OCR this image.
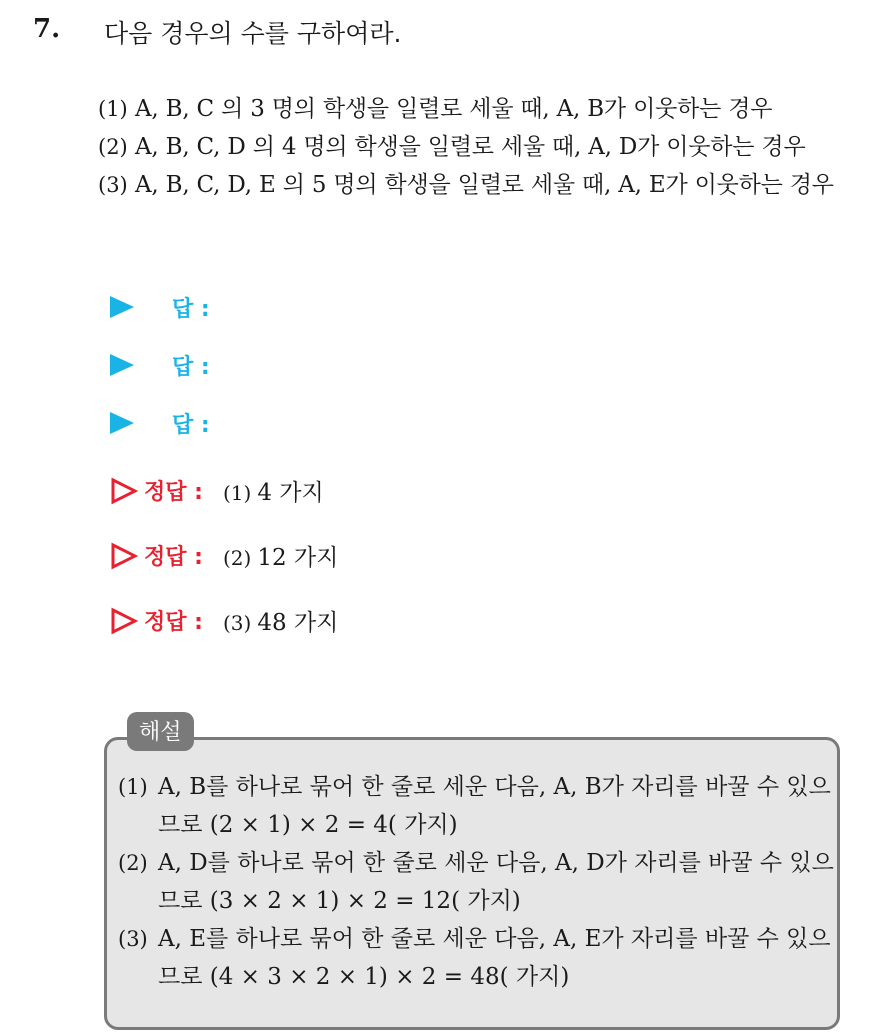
7. 다음 경우의 수를 구하여라.
(1) A, B, C 의 3 명의 학생을 일렬로 세울 때, A, B가 이웃하는 경우
(2) A, B, C, D 의 4 명의 학생을 일렬로 세울 때, A, D가 이웃하는 경우
(3) A, B, C, D, E 의 5 명의 학생을 일렬로 세울 때, A, E가 이웃하는 경우
답 :
답 :
답 :
정답 : (1) 4 가지
정답 : (2) 12 가지
정답 : (3) 48 가지
해설
(1) A, B를 하나로 묶어 한 줄로 세운 다음, A, B가 자리를 바꿀 수 있으므로 (2 × 1) × 2 = 4( 가지)
(2) A, D를 하나로 묶어 한 줄로 세운 다음, A, D가 자리를 바꿀 수 있으므로 (3 × 2 × 1) × 2 = 12( 가지)
(3) A, E를 하나로 묶어 한 줄로 세운 다음, A, E가 자리를 바꿀 수 있으므로 (4 × 3 × 2 × 1) × 2 = 48( 가지)
